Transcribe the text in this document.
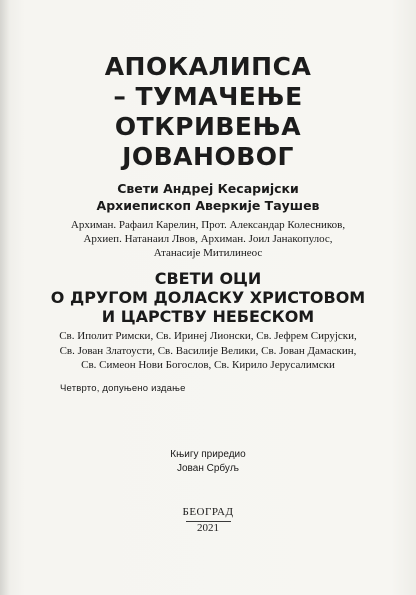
АПОКАЛИПСА
– ТУМАЧЕЊЕ
ОТКРИВЕЊА
ЈОВАНОВОГ
Свети Андреј Кесаријски
Архиепископ Аверкије Таушев
Архиман. Рафаил Карелин, Прот. Александар Колесников,
Архиеп. Натанаил Лвов, Архиман. Јоил Јанакопулос,
Атанасије Митилинеос
СВЕТИ ОЦИ
О ДРУГОМ ДОЛАСКУ ХРИСТОВОМ
И ЦАРСТВУ НЕБЕСКОМ
Св. Иполит Римски, Св. Иринеј Лионски, Св. Јефрем Сирујски,
Св. Јован Златоусти, Св. Василије Велики, Св. Јован Дамаскин,
Св. Симеон Нови Богослов, Св. Кирило Јерусалимски
Четврто, допуњено издање
Књигу приредио
Јован Србуљ
БЕОГРАД
2021
